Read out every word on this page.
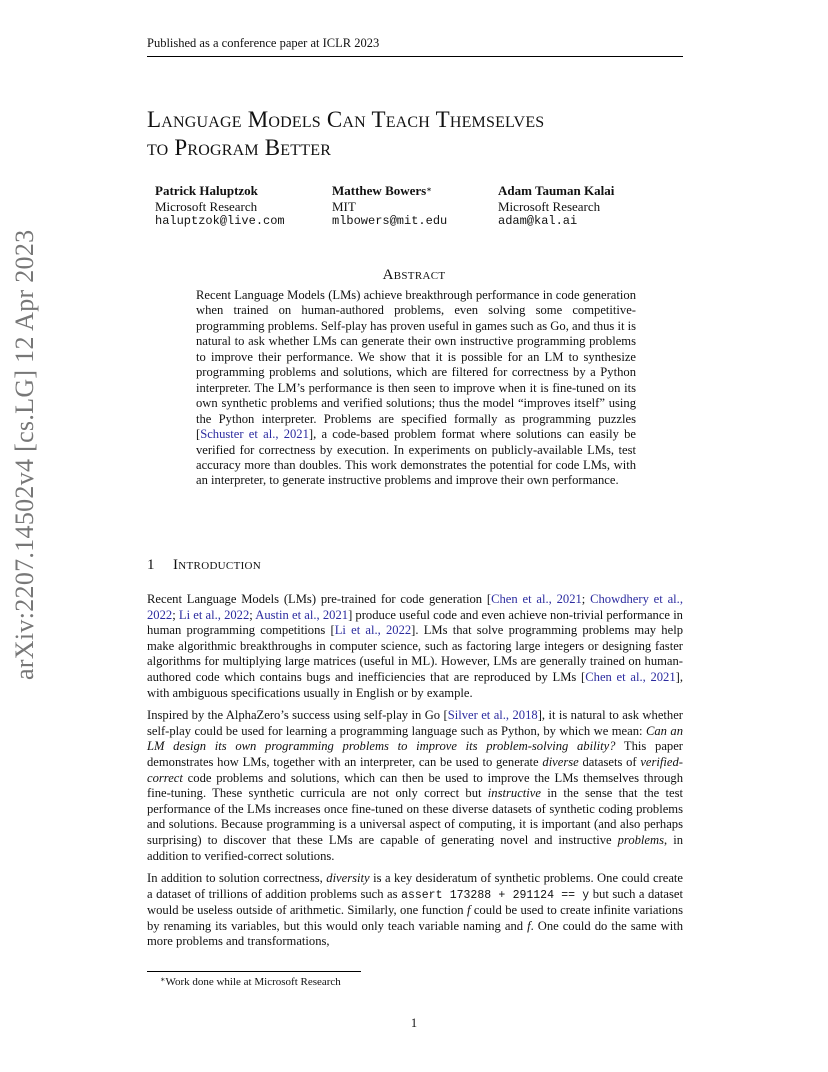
Published as a conference paper at ICLR 2023
arXiv:2207.14502v4 [cs.LG] 12 Apr 2023
Language Models Can Teach Themselves
to Program Better
Patrick Haluptzok
Microsoft Research
haluptzok@live.com
Matthew Bowers∗
MIT
mlbowers@mit.edu
Adam Tauman Kalai
Microsoft Research
adam@kal.ai
Abstract

Recent Language Models (LMs) achieve breakthrough performance in code generation when trained on human-authored problems, even solving some competitive-programming problems. Self-play has proven useful in games such as Go, and thus it is natural to ask whether LMs can generate their own instructive programming problems to improve their performance. We show that it is possible for an LM to synthesize programming problems and solutions, which are filtered for correctness by a Python interpreter. The LM’s performance is then seen to improve when it is fine-tuned on its own synthetic problems and verified solutions; thus the model “improves itself” using the Python interpreter. Problems are specified formally as programming puzzles [Schuster et al., 2021], a code-based problem format where solutions can easily be verified for correctness by execution. In experiments on publicly-available LMs, test accuracy more than doubles. This work demonstrates the potential for code LMs, with an interpreter, to generate instructive problems and improve their own performance.

1 Introduction

Recent Language Models (LMs) pre-trained for code generation [Chen et al., 2021; Chowdhery et al., 2022; Li et al., 2022; Austin et al., 2021] produce useful code and even achieve non-trivial performance in human programming competitions [Li et al., 2022]. LMs that solve programming problems may help make algorithmic breakthroughs in computer science, such as factoring large integers or designing faster algorithms for multiplying large matrices (useful in ML). However, LMs are generally trained on human-authored code which contains bugs and inefficiencies that are reproduced by LMs [Chen et al., 2021], with ambiguous specifications usually in English or by example.

Inspired by the AlphaZero’s success using self-play in Go [Silver et al., 2018], it is natural to ask whether self-play could be used for learning a programming language such as Python, by which we mean: Can an LM design its own programming problems to improve its problem-solving ability? This paper demonstrates how LMs, together with an interpreter, can be used to generate diverse datasets of verified-correct code problems and solutions, which can then be used to improve the LMs themselves through fine-tuning. These synthetic curricula are not only correct but instructive in the sense that the test performance of the LMs increases once fine-tuned on these diverse datasets of synthetic coding problems and solutions. Because programming is a universal aspect of computing, it is important (and also perhaps surprising) to discover that these LMs are capable of generating novel and instructive problems, in addition to verified-correct solutions.

In addition to solution correctness, diversity is a key desideratum of synthetic problems. One could create a dataset of trillions of addition problems such as assert 173288 + 291124 == y but such a dataset would be useless outside of arithmetic. Similarly, one function f could be used to create infinite variations by renaming its variables, but this would only teach variable naming and f. One could do the same with more problems and transformations,

∗Work done while at Microsoft Research
1
